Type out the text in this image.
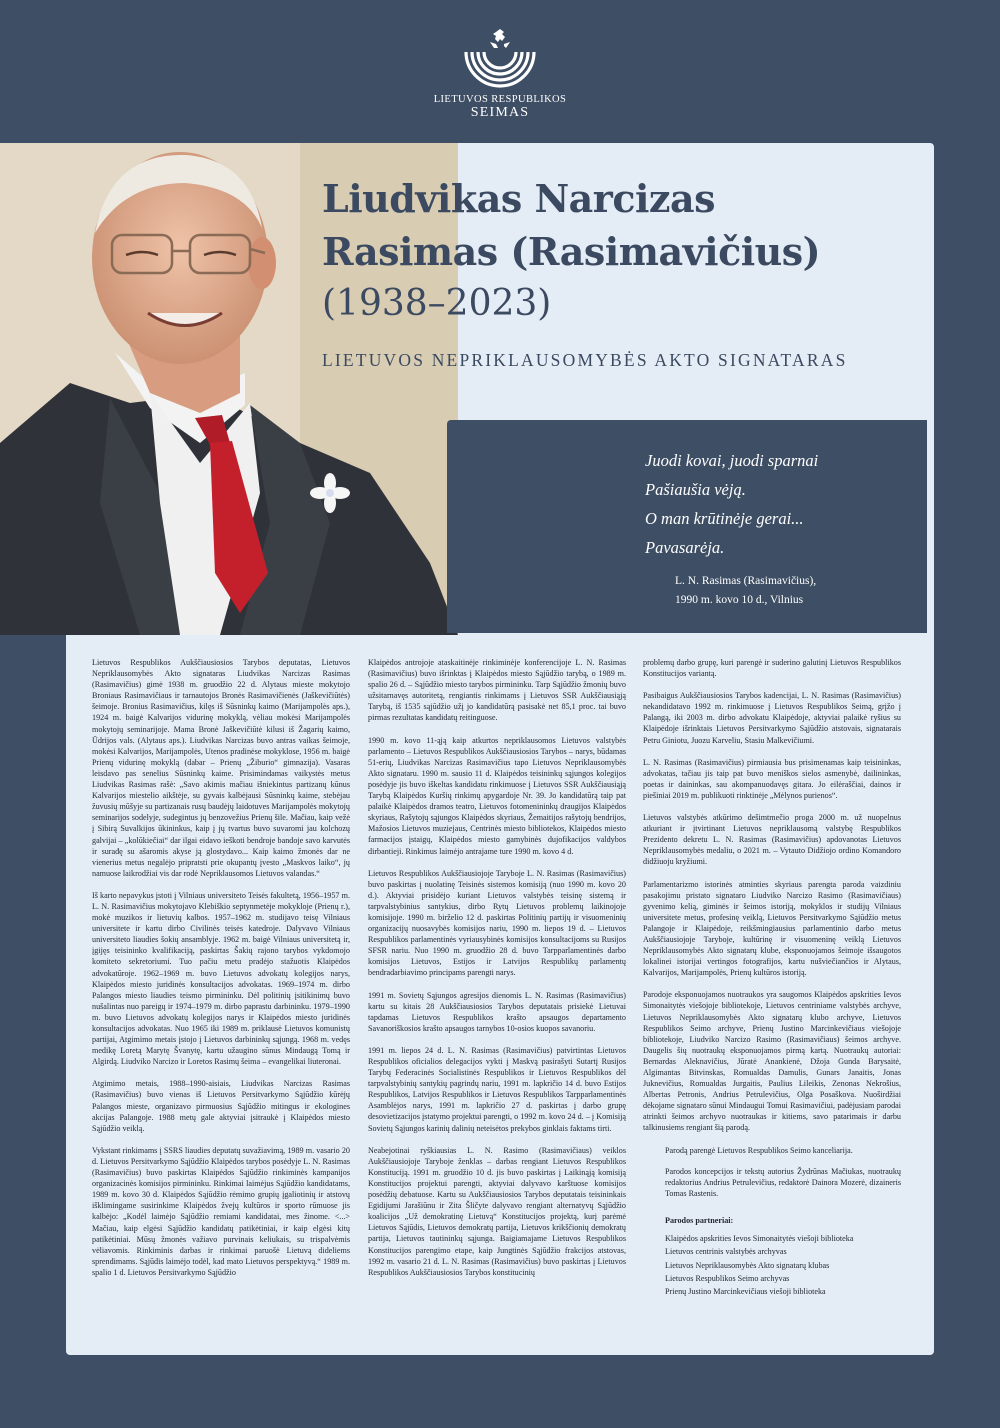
LIETUVOS RESPUBLIKOS
SEIMAS
Liudvikas Narcizas
Rasimas (Rasimavičius)
(1938–2023)
LIETUVOS NEPRIKLAUSOMYBĖS AKTO SIGNATARAS
Juodi kovai, juodi sparnai
Pašiaušia vėją.
O man krūtinėje gerai...
Pavasarėja.
L. N. Rasimas (Rasimavičius),
1990 m. kovo 10 d., Vilnius

Lietuvos Respublikos Aukščiausiosios Tarybos deputatas, Lietuvos Nepriklausomybės Akto signataras Liudvikas Narcizas Rasimas (Rasimavičius) gimė 1938 m. gruodžio 22 d. Alytaus mieste mokytojo Broniaus Rasimavičiaus ir tarnautojos Bronės Rasimavičienės (Jaškevičiūtės) šeimoje. Bronius Rasimavičius, kilęs iš Sūsninkų kaimo (Marijampolės aps.), 1924 m. baigė Kalvarijos vidurinę mokyklą, vėliau mokėsi Marijampolės mokytojų seminarijoje. Mama Bronė Jaškevičiūtė kilusi iš Žagarių kaimo, Ūdrijos vals. (Alytaus aps.). Liudvikas Narcizas buvo antras vaikas šeimoje, mokėsi Kalvarijos, Marijampolės, Utenos pradinėse mokyklose, 1956 m. baigė Prienų vidurinę mokyklą (dabar – Prienų „Žiburio“ gimnazija). Vasaras leisdavo pas senelius Sūsninkų kaime. Prisimindamas vaikystės metus Liudvikas Rasimas rašė: „Savo akimis mačiau išniekintus partizanų kūnus Kalvarijos miestelio aikštėje, su gyvais kalbėjausi Sūsninkų kaime, stebėjau žuvusių mūšyje su partizanais rusų baudėjų laidotuves Marijampolės mokytojų seminarijos sodelyje, sudegintus jų benzovežius Prienų šile. Mačiau, kaip vežė į Sibirą Suvalkijos ūkininkus, kaip į jų tvartus buvo suvaromi jau kolchozų galvijai – „kolūkiečiai“ dar ilgai eidavo ieškoti bendroje bandoje savo karvutės ir surađę su ašaromis akyse ją glostydavo... Kaip kaimo žmonės dar ne vienerius metus negalėjo pripratsti prie okupantų įvesto „Maskvos laiko“, jų namuose laikrodžiai vis dar rodė Nepriklausomos Lietuvos valandas.“

Iš karto nepavykus įstoti į Vilniaus universiteto Teisės fakultetą, 1956–1957 m. L. N. Rasimavičius mokytojavo Klebiškio septynmetėje mokykloje (Prienų r.), mokė muzikos ir lietuvių kalbos. 1957–1962 m. studijavo teisę Vilniaus universitete ir kartu dirbo Civilinės teisės katedroje. Dalyvavo Vilniaus universiteto liaudies šokių ansamblyje. 1962 m. baigė Vilniaus universitetą ir, įgijęs teisininko kvalifikaciją, paskirtas Šakių rajono tarybos vykdomojo komiteto sekretoriumi. Tuo pačiu metu pradėjo stažuotis Klaipėdos advokatūroje. 1962–1969 m. buvo Lietuvos advokatų kolegijos narys, Klaipėdos miesto juridinės konsultacijos advokatas. 1969–1974 m. dirbo Palangos miesto liaudies teismo pirmininku. Dėl politinių įsitikinimų buvo nušalintas nuo pareigų ir 1974–1979 m. dirbo paprastu darbininku. 1979–1990 m. buvo Lietuvos advokatų kolegijos narys ir Klaipėdos miesto juridinės konsultacijos advokatas. Nuo 1965 iki 1989 m. priklausė Lietuvos komunistų partijai, Atgimimo metais įstojo į Lietuvos darbininkų sąjungą. 1968 m. vedęs medikę Loretą Marytę Švanytę, kartu užaugino sūnus Mindaugą Tomą ir Algirdą. Liudviko Narcizo ir Loretos Rasimų šeima – evangelikai liuteronai.

Atgimimo metais, 1988–1990-aisiais, Liudvikas Narcizas Rasimas (Rasimavičius) buvo vienas iš Lietuvos Persitvarkymo Sąjūdžio kūrėjų Palangos mieste, organizavo pirmuosius Sąjūdžio mitingus ir ekologines akcijas Palangoje. 1988 metų gale aktyviai įsitraukė į Klaipėdos miesto Sąjūdžio veiklą.

Vykstant rinkimams į SSRS liaudies deputatų suvažiavimą, 1989 m. vasario 20 d. Lietuvos Persitvarkymo Sąjūdžio Klaipėdos tarybos posėdyje L. N. Rasimas (Rasimavičius) buvo paskirtas Klaipėdos Sąjūdžio rinkiminės kampanijos organizacinės komisijos pirmininku. Rinkimai laimėjus Sąjūdžio kandidatams, 1989 m. kovo 30 d. Klaipėdos Sąjūdžio rėmimo grupių įgaliotinių ir atstovų išklimingame susirinkime Klaipėdos žvejų kultūros ir sporto rūmuose jis kalbėjo: „Kodėl laimėjo Sąjūdžio remiami kandidatai, mes žinome. <...> Mačiau, kaip elgėsi Sąjūdžio kandidatų patikėtiniai, ir kaip elgėsi kitų patikėtiniai. Mūsų žmonės važiavo purvinais keliukais, su trispalvėmis vėliavomis. Rinkiminis darbas ir rinkimai paruošė Lietuvą dideliems sprendimams. Sąjūdis laimėjo todėl, kad mato Lietuvos perspektyvą.“ 1989 m. spalio 1 d. Lietuvos Persitvarkymo Sąjūdžio

Klaipėdos antrojoje ataskaitinėje rinkiminėje konferencijoje L. N. Rasimas (Rasimavičius) buvo išrinktas į Klaipėdos miesto Sąjūdžio tarybą, o 1989 m. spalio 26 d. – Sąjūdžio miesto tarybos pirmininku. Tarp Sąjūdžio žmonių buvo užsitarnavęs autoritetą, rengiantis rinkimams į Lietuvos SSR Aukščiausiąją Tarybą, iš 1535 sąjūdžio užį jo kandidatūrą pasisakė net 85,1 proc. tai buvo pirmas rezultatas kandidatų reitinguose.

1990 m. kovo 11-ąją kaip atkurtos nepriklausomos Lietuvos valstybės parlamento – Lietuvos Respublikos Aukščiausiosios Tarybos – narys, būdamas 51-erių, Liudvikas Narcizas Rasimavičius tapo Lietuvos Nepriklausomybės Akto signataru. 1990 m. sausio 11 d. Klaipėdos teisininkų sąjungos kolegijos posėdyje jis buvo iškeltas kandidatu rinkimuose į Lietuvos SSR Aukščiausiąją Tarybą Klaipėdos Kuršių rinkimų apygardoje Nr. 39. Jo kandidatūrą taip pat palaikė Klaipėdos dramos teatro, Lietuvos fotomenininkų draugijos Klaipėdos skyriaus, Rašytojų sąjungos Klaipėdos skyriaus, Žemaitijos rašytojų bendrijos, Mažosios Lietuvos muziejaus, Centrinės miesto bibliotekos, Klaipėdos miesto farmacijos įstaigų, Klaipėdos miesto gamybinės dujofikacijos valdybos dirbantieji. Rinkimus laimėjo antrajame ture 1990 m. kovo 4 d.

Lietuvos Respublikos Aukščiausiojoje Taryboje L. N. Rasimas (Rasimavičius) buvo paskirtas į nuolatinę Teisinės sistemos komisiją (nuo 1990 m. kovo 20 d.). Aktyviai prisidėjo kuriant Lietuvos valstybės teisinę sistemą ir tarpvalstybinius santykius, dirbo Rytų Lietuvos problemų laikinojoje komisijoje. 1990 m. birželio 12 d. paskirtas Politinių partijų ir visuomeninių organizacijų nuosavybės komisijos nariu, 1990 m. liepos 19 d. – Lietuvos Respublikos parlamentinės vyriausybinės komisijos konsultacijoms su Rusijos SFSR nariu. Nuo 1990 m. gruodžio 28 d. buvo Tarpparlamentinės darbo komisijos Lietuvos, Estijos ir Latvijos Respublikų parlamentų bendradarbiavimo principams parengti narys.

1991 m. Sovietų Sąjungos agresijos dienomis L. N. Rasimas (Rasimavičius) kartu su kitais 28 Aukščiausiosios Tarybos deputatais prisiekė Lietuvai tapdamas Lietuvos Respublikos krašto apsaugos departamento Savanoriškosios krašto apsaugos tarnybos 10-osios kuopos savanoriu.

1991 m. liepos 24 d. L. N. Rasimas (Rasimavičius) patvirtintas Lietuvos Respublikos oficialios delegacijos vykti į Maskvą pasirašyti Sutartį Rusijos Tarybų Federacinės Socialistinės Respublikos ir Lietuvos Respublikos dėl tarpvalstybinių santykių pagrindų nariu, 1991 m. lapkričio 14 d. buvo Estijos Respublikos, Latvijos Respublikos ir Lietuvos Respublikos Tarpparlamentinės Asamblėjos narys, 1991 m. lapkričio 27 d. paskirtas į darbo grupę desovietizacijos įstatymo projektui parengti, o 1992 m. kovo 24 d. – į Komisiją Sovietų Sąjungos karinių dalinių neteisėtos prekybos ginklais faktams tirti.

Neabejotinai ryškiausias L. N. Rasimo (Rasimavičiaus) veiklos Aukščiausiojoje Taryboje ženklas – darbas rengiant Lietuvos Respublikos Konstituciją. 1991 m. gruodžio 10 d. jis buvo paskirtas į Laikinąją komisiją Konstitucijos projektui parengti, aktyviai dalyvavo karštuose komisijos posėdžių debatuose. Kartu su Aukščiausiosios Tarybos deputatais teisininkais Egidijumi Jarašiūnu ir Zita Šličyte dalyvavo rengiant alternatyvų Sąjūdžio koalicijos „Už demokratinę Lietuvą“ Konstitucijos projektą, kurį parėmė Lietuvos Sąjūdis, Lietuvos demokratų partija, Lietuvos krikščionių demokratų partija, Lietuvos tautininkų sąjunga. Baigiamajame Lietuvos Respublikos Konstitucijos parengimo etape, kaip Jungtinės Sąjūdžio frakcijos atstovas, 1992 m. vasario 21 d. L. N. Rasimas (Rasimavičius) buvo paskirtas į Lietuvos Respublikos Aukščiausiosios Tarybos konstitucinių

problemų darbo grupę, kuri parengė ir suderino galutinį Lietuvos Respublikos Konstitucijos variantą.

Pasibaigus Aukščiausiosios Tarybos kadencijai, L. N. Rasimas (Rasimavičius) nekandidatavo 1992 m. rinkimuose į Lietuvos Respublikos Seimą, grįžo į Palangą, iki 2003 m. dirbo advokatu Klaipėdoje, aktyviai palaikė ryšius su Klaipėdoje išrinktais Lietuvos Persitvarkymo Sąjūdžio atstovais, signatarais Petru Giniotu, Juozu Karveliu, Stasiu Malkevičiumi.

L. N. Rasimas (Rasimavičius) pirmiausia bus prisimenamas kaip teisininkas, advokatas, tačiau jis taip pat buvo meniškos sielos asmenybė, dailininkas, poetas ir daininkas, sau akompanuodavęs gitara. Jo eilėraščiai, dainos ir piešiniai 2019 m. publikuoti rinktinėje „Mėlynos purienos“.

Lietuvos valstybės atkūrimo dešimtmečio proga 2000 m. už nuopelnus atkuriant ir įtvirtinant Lietuvos nepriklausomą valstybę Respublikos Prezidento dekretu L. N. Rasimas (Rasimavičius) apdovanotas Lietuvos Nepriklausomybės medaliu, o 2021 m. – Vytauto Didžiojo ordino Komandoro didžiuoju kryžiumi.

Parlamentarizmo istorinės atminties skyriaus parengta paroda vaizdiniu pasakojimu pristato signataro Liudviko Narcizo Rasimo (Rasimavičiaus) gyvenimo kelią, giminės ir šeimos istoriją, mokyklos ir studijų Vilniaus universitete metus, profesinę veiklą, Lietuvos Persitvarkymo Sąjūdžio metus Palangoje ir Klaipėdoje, reikšmingiausius parlamentinio darbo metus Aukščiausiojoje Taryboje, kultūrinę ir visuomeninę veiklą Lietuvos Nepriklausomybės Akto signatarų klube, eksponuojamos šeimoje išsaugotos lokalinei istorijai vertingos fotografijos, kartu nušviečiančios ir Alytaus, Kalvarijos, Marijampolės, Prienų kultūros istoriją.

Parodoje eksponuojamos nuotraukos yra saugomos Klaipėdos apskrities Ievos Simonaitytės viešojoje bibliotekoje, Lietuvos centriniame valstybės archyve, Lietuvos Nepriklausomybės Akto signatarų klubo archyve, Lietuvos Respublikos Seimo archyve, Prienų Justino Marcinkevičiaus viešojoje bibliotekoje, Liudviko Narcizo Rasimo (Rasimavičiaus) šeimos archyve. Daugelis šių nuotraukų eksponuojamos pirmą kartą. Nuotraukų autoriai: Bernardas Aleknavičius, Jūratė Anankienė, Džoja Gunda Barysaitė, Algimantas Bitvinskas, Romualdas Damulis, Gunars Janaitis, Jonas Juknevičius, Romualdas Jurgaitis, Paulius Lileikis, Zenonas Nekrošius, Albertas Petronis, Andrius Petrulevičius, Olga Posaškova. Nuoširdžiai dėkojame signataro sūnui Mindaugui Tomui Rasimavičiui, padėjusiam parodai atrinkti šeimos archyvo nuotraukas ir kitiems, savo patarimais ir darbu talkinusiems rengiant šią parodą.

Parodą parengė Lietuvos Respublikos Seimo kanceliarija.

Parodos koncepcijos ir tekstų autorius Žydrūnas Mačiukas, nuotraukų redaktorius Andrius Petrulevičius, redaktorė Dainora Mozerė, dizaineris Tomas Rastenis.

Parodos partneriai:

Klaipėdos apskrities Ievos Simonaitytės viešoji biblioteka
Lietuvos centrinis valstybės archyvas
Lietuvos Nepriklausomybės Akto signatarų klubas
Lietuvos Respublikos Seimo archyvas
Prienų Justino Marcinkevičiaus viešoji biblioteka
